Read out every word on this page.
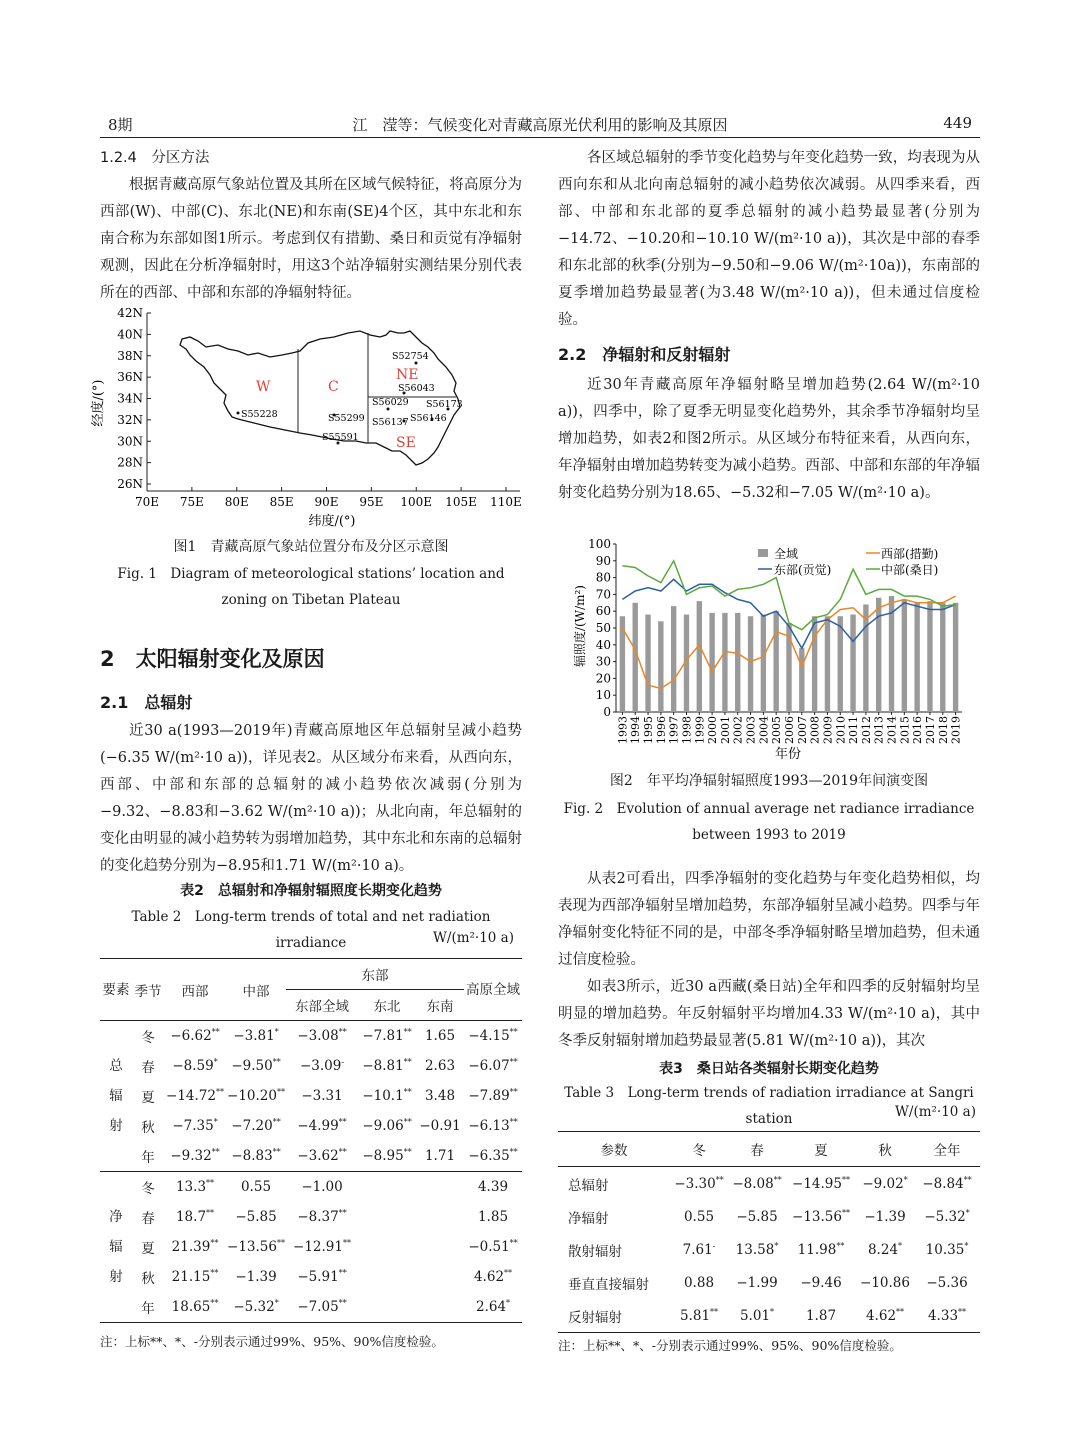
8期	江　滢等：气候变化对青藏高原光伏利用的影响及其原因	449

1.2.4　分区方法

根据青藏高原气象站位置及其所在区域气候特征，将高原分为西部(W)、中部(C)、东北(NE)和东南(SE)4个区，其中东北和东南合称为东部如图1所示。考虑到仅有措勤、桑日和贡觉有净辐射观测，因此在分析净辐射时，用这3个站净辐射实测结果分别代表所在的西部、中部和东部的净辐射特征。

42N
40N
38N
36N
34N
32N
30N
28N
26N
70E 75E 80E 85E 90E 95E 100E 105E 110E
经度/(°)
纬度/(°)
W	C
NE
SE
S52754
S56043
S56029 S56173
S56137 S56146
S55228	S55299
S55591
图1　青藏高原气象站位置分布及分区示意图
Fig. 1　Diagram of meteorological stations’ location and
zoning on Tibetan Plateau
2　太阳辐射变化及原因
2.1　总辐射

近30 a(1993—2019年)青藏高原地区年总辐射呈减小趋势(−6.35 W/(m²·10 a))，详见表2。从区域分布来看，从西向东，西部、中部和东部的总辐射的减小趋势依次减弱(分别为−9.32、−8.83和−3.62 W/(m²·10 a))；从北向南，年总辐射的变化由明显的减小趋势转为弱增加趋势，其中东北和东南的总辐射的变化趋势分别为−8.95和1.71 W/(m²·10 a)。

表2　总辐射和净辐射辐照度长期变化趋势
Table 2　Long-term trends of total and net radiation irradiance	W/(m²·10 a)
要素	季节	西部	中部	东部			高原全域
				东部全域	东北	东南	
总
辐
射	冬	−6.62**	−3.81*	−3.08**	−7.81**	1.65	−4.15**
	春	−8.59*	−9.50**	−3.09-	−8.81**	2.63	−6.07**
	夏	−14.72**	−10.20**	−3.31	−10.1**	3.48	−7.89**
	秋	−7.35*	−7.20**	−4.99**	−9.06**	−0.91	−6.13**
	年	−9.32**	−8.83**	−3.62**	−8.95**	1.71	−6.35**
净
辐
射	冬	13.3**	0.55	−1.00			4.39
	春	18.7**	−5.85	−8.37**			1.85
	夏	21.39**	−13.56**	−12.91**			−0.51**
	秋	21.15**	−1.39	−5.91**			4.62**
	年	18.65**	−5.32*	−7.05**			2.64*
注：上标**、*、-分别表示通过99%、95%、90%信度检验。

各区域总辐射的季节变化趋势与年变化趋势一致，均表现为从西向东和从北向南总辐射的减小趋势依次减弱。从四季来看，西部、中部和东北部的夏季总辐射的减小趋势最显著(分别为−14.72、−10.20和−10.10 W/(m²·10 a))，其次是中部的春季和东北部的秋季(分别为−9.50和−9.06 W/(m²·10a))，东南部的夏季增加趋势最显著(为3.48 W/(m²·10 a))，但未通过信度检验。

2.2　净辐射和反射辐射

近30年青藏高原年净辐射略呈增加趋势(2.64 W/(m²·10 a))，四季中，除了夏季无明显变化趋势外，其余季节净辐射均呈增加趋势，如表2和图2所示。从区域分布特征来看，从西向东，年净辐射由增加趋势转变为减小趋势。西部、中部和东部的年净辐射变化趋势分别为18.65、−5.32和−7.05 W/(m²·10 a)。

辐照度/(W/m²)
年份
0
10
20
30
40
50
60
70
80
90
100
1993 1994 1995 1996 1997 1998 1999 2000 2001 2002 2003 2004 2005 2006 2007 2008 2009 2010 2011 2012 2013 2014 2015 2016 2017 2018 2019
全域	西部(措勤)
东部(贡觉)	中部(桑日)
图2　年平均净辐射辐照度1993—2019年间演变图
Fig. 2　Evolution of annual average net radiance irradiance
between 1993 to 2019

从表2可看出，四季净辐射的变化趋势与年变化趋势相似，均表现为西部净辐射呈增加趋势，东部净辐射呈减小趋势。四季与年净辐射变化特征不同的是，中部冬季净辐射略呈增加趋势，但未通过信度检验。

如表3所示，近30 a西藏(桑日站)全年和四季的反射辐射均呈明显的增加趋势。年反射辐射平均增加4.33 W/(m²·10 a)，其中冬季反射辐射增加趋势最显著(5.81 W/(m²·10 a))，其次

表3　桑日站各类辐射长期变化趋势
Table 3　Long-term trends of radiation irradiance at Sangri station	W/(m²·10 a)
参数	冬	春	夏	秋	全年
总辐射	−3.30**	−8.08**	−14.95**	−9.02*	−8.84**
净辐射	0.55	−5.85	−13.56**	−1.39	−5.32*
散射辐射	7.61-	13.58*	11.98**	8.24*	10.35*
垂直直接辐射	0.88	−1.99	−9.46	−10.86	−5.36
反射辐射	5.81**	5.01*	1.87	4.62**	4.33**
注：上标**、*、-分别表示通过99%、95%、90%信度检验。
